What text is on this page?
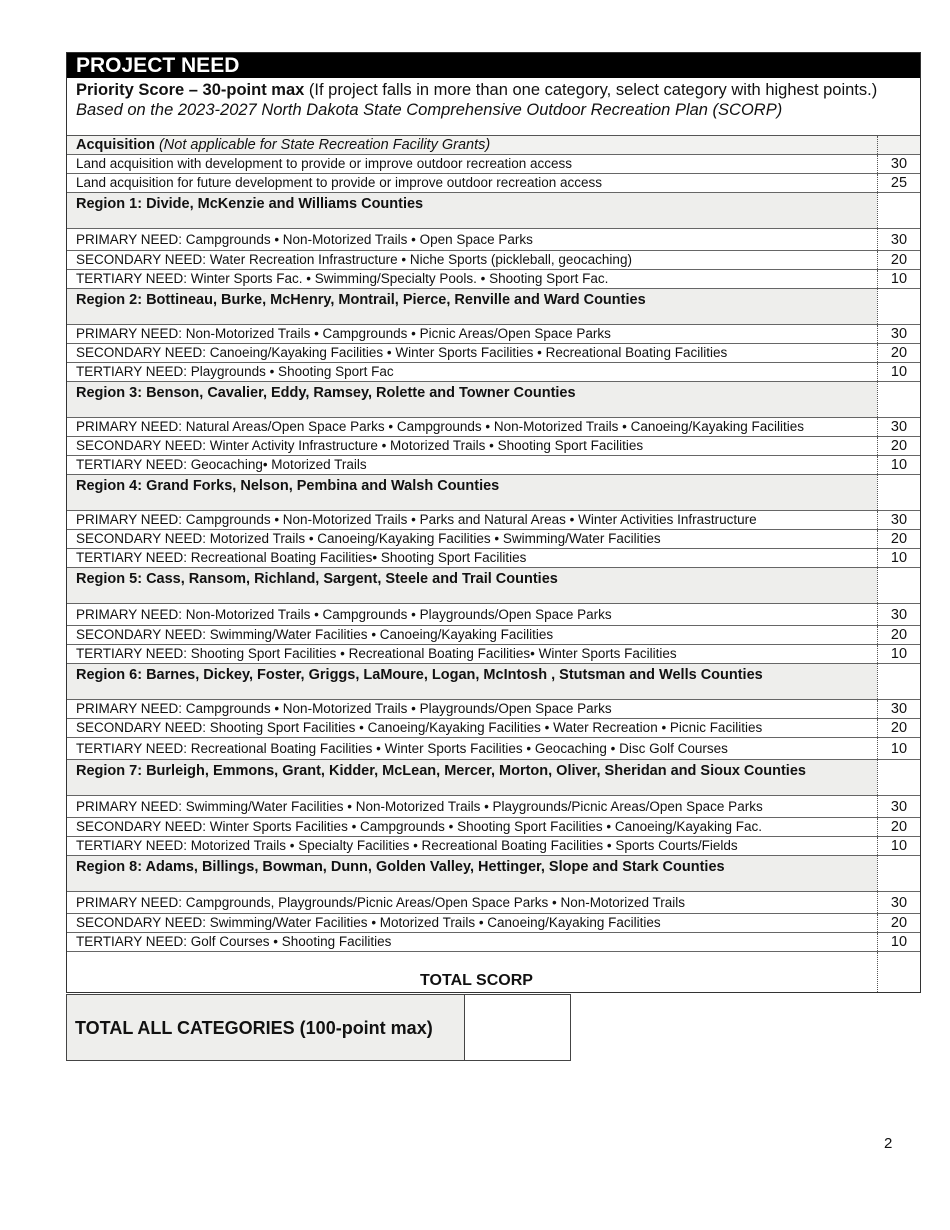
PROJECT NEED
Priority Score – 30-point max (If project falls in more than one category, select category with highest points.) Based on the 2023-2027 North Dakota State Comprehensive Outdoor Recreation Plan (SCORP)
Acquisition (Not applicable for State Recreation Facility Grants)
Land acquisition with development to provide or improve outdoor recreation access	30
Land acquisition for future development to provide or improve outdoor recreation access	25
Region 1: Divide, McKenzie and Williams Counties
PRIMARY NEED: Campgrounds • Non-Motorized Trails • Open Space Parks	30
SECONDARY NEED: Water Recreation Infrastructure • Niche Sports (pickleball, geocaching)	20
TERTIARY NEED: Winter Sports Fac. • Swimming/Specialty Pools. • Shooting Sport Fac.	10
Region 2: Bottineau, Burke, McHenry, Montrail, Pierce, Renville and Ward Counties
PRIMARY NEED: Non-Motorized Trails • Campgrounds • Picnic Areas/Open Space Parks	30
SECONDARY NEED: Canoeing/Kayaking Facilities • Winter Sports Facilities • Recreational Boating Facilities	20
TERTIARY NEED: Playgrounds • Shooting Sport Fac	10
Region 3: Benson, Cavalier, Eddy, Ramsey, Rolette and Towner Counties
PRIMARY NEED: Natural Areas/Open Space Parks • Campgrounds • Non-Motorized Trails • Canoeing/Kayaking Facilities	30
SECONDARY NEED: Winter Activity Infrastructure • Motorized Trails • Shooting Sport Facilities	20
TERTIARY NEED: Geocaching• Motorized Trails	10
Region 4: Grand Forks, Nelson, Pembina and Walsh Counties
PRIMARY NEED: Campgrounds • Non-Motorized Trails • Parks and Natural Areas • Winter Activities Infrastructure	30
SECONDARY NEED: Motorized Trails • Canoeing/Kayaking Facilities • Swimming/Water Facilities	20
TERTIARY NEED: Recreational Boating Facilities• Shooting Sport Facilities	10
Region 5: Cass, Ransom, Richland, Sargent, Steele and Trail Counties
PRIMARY NEED: Non-Motorized Trails • Campgrounds • Playgrounds/Open Space Parks	30
SECONDARY NEED: Swimming/Water Facilities • Canoeing/Kayaking Facilities	20
TERTIARY NEED: Shooting Sport Facilities • Recreational Boating Facilities• Winter Sports Facilities	10
Region 6: Barnes, Dickey, Foster, Griggs, LaMoure, Logan, McIntosh , Stutsman and Wells Counties
PRIMARY NEED: Campgrounds • Non-Motorized Trails • Playgrounds/Open Space Parks	30
SECONDARY NEED: Shooting Sport Facilities • Canoeing/Kayaking Facilities • Water Recreation • Picnic Facilities	20
TERTIARY NEED: Recreational Boating Facilities • Winter Sports Facilities • Geocaching • Disc Golf Courses	10
Region 7: Burleigh, Emmons, Grant, Kidder, McLean, Mercer, Morton, Oliver, Sheridan and Sioux Counties
PRIMARY NEED: Swimming/Water Facilities • Non-Motorized Trails • Playgrounds/Picnic Areas/Open Space Parks	30
SECONDARY NEED: Winter Sports Facilities • Campgrounds • Shooting Sport Facilities • Canoeing/Kayaking Fac.	20
TERTIARY NEED: Motorized Trails • Specialty Facilities • Recreational Boating Facilities • Sports Courts/Fields	10
Region 8: Adams, Billings, Bowman, Dunn, Golden Valley, Hettinger, Slope and Stark Counties
PRIMARY NEED: Campgrounds, Playgrounds/Picnic Areas/Open Space Parks • Non-Motorized Trails	30
SECONDARY NEED: Swimming/Water Facilities • Motorized Trails • Canoeing/Kayaking Facilities	20
TERTIARY NEED: Golf Courses • Shooting Facilities	10
TOTAL SCORP
TOTAL ALL CATEGORIES (100-point max)
2
